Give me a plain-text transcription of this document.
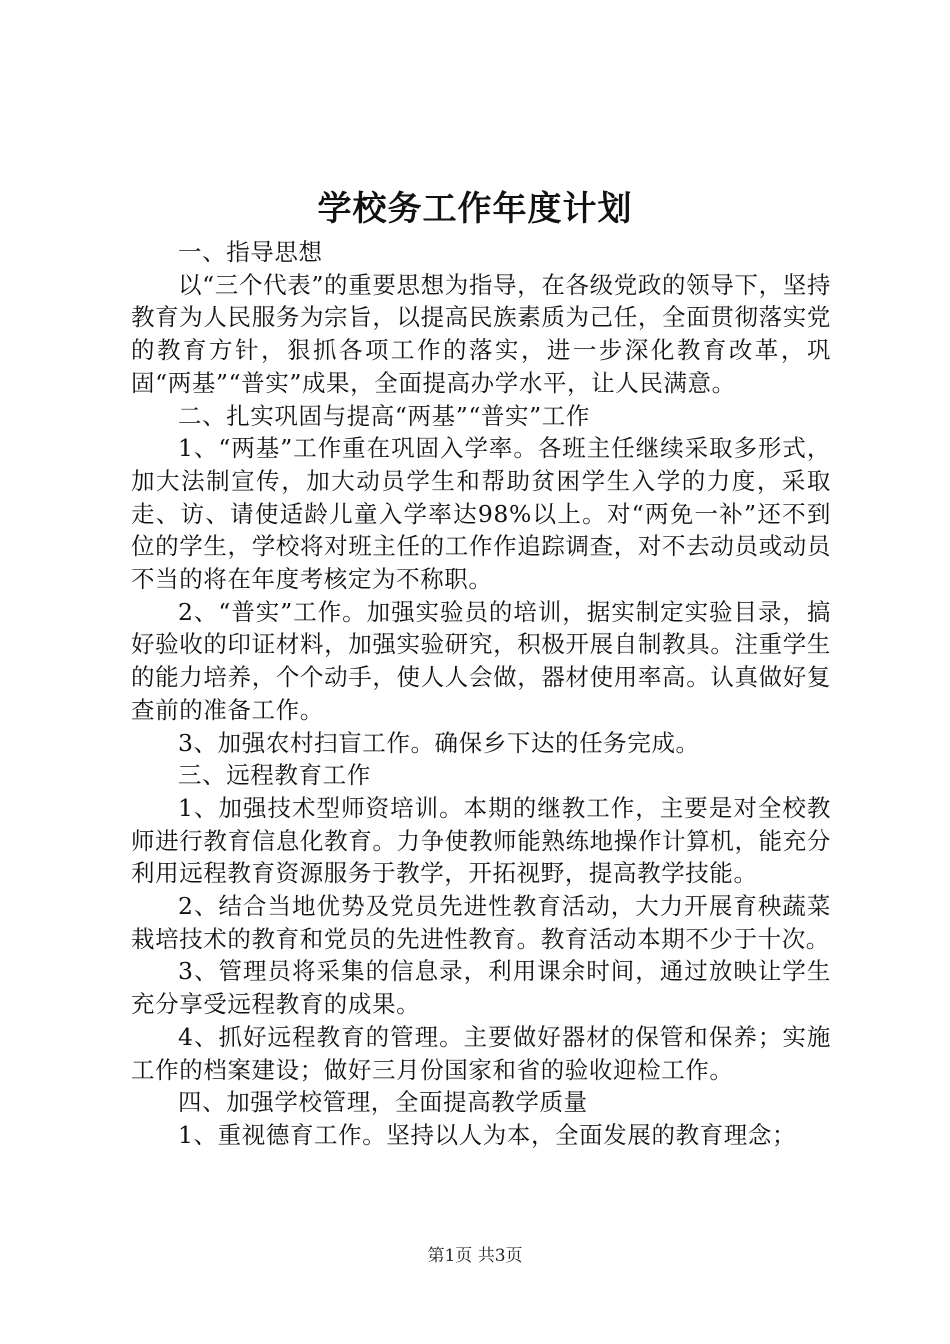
学校务工作年度计划

一、指导思想

以“三个代表”的重要思想为指导，在各级党政的领导下，坚持教育为人民服务为宗旨，以提高民族素质为己任，全面贯彻落实党的教育方针，狠抓各项工作的落实，进一步深化教育改革，巩固“两基”“普实”成果，全面提高办学水平，让人民满意。

二、扎实巩固与提高“两基”“普实”工作

1、“两基”工作重在巩固入学率。各班主任继续采取多形式，加大法制宣传，加大动员学生和帮助贫困学生入学的力度，采取走、访、请使适龄儿童入学率达98%以上。对“两免一补”还不到位的学生，学校将对班主任的工作作追踪调查，对不去动员或动员不当的将在年度考核定为不称职。

2、“普实”工作。加强实验员的培训，据实制定实验目录，搞好验收的印证材料，加强实验研究，积极开展自制教具。注重学生的能力培养，个个动手，使人人会做，器材使用率高。认真做好复查前的准备工作。

3、加强农村扫盲工作。确保乡下达的任务完成。

三、远程教育工作

1、加强技术型师资培训。本期的继教工作，主要是对全校教师进行教育信息化教育。力争使教师能熟练地操作计算机，能充分利用远程教育资源服务于教学，开拓视野，提高教学技能。

2、结合当地优势及党员先进性教育活动，大力开展育秧蔬菜栽培技术的教育和党员的先进性教育。教育活动本期不少于十次。

3、管理员将采集的信息录，利用课余时间，通过放映让学生充分享受远程教育的成果。

4、抓好远程教育的管理。主要做好器材的保管和保养；实施工作的档案建设；做好三月份国家和省的验收迎检工作。

四、加强学校管理，全面提高教学质量

1、重视德育工作。坚持以人为本，全面发展的教育理念；

第1页 共3页
